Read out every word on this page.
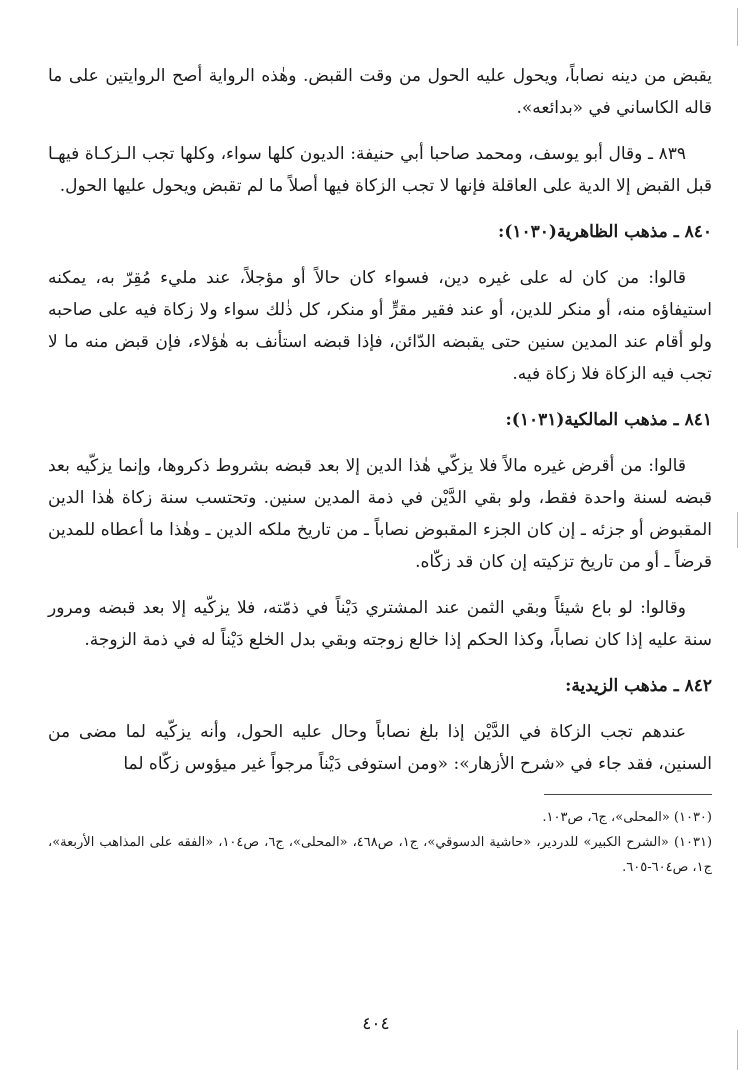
يقبض من دينه نصاباً، ويحول عليه الحول من وقت القبض. وهٰذه الرواية أصح الروايتين على ما قاله الكاساني في «بدائعه».

٨٣٩ ـ وقال أبو يوسف، ومحمد صاحبا أبي حنيفة: الديون كلها سواء، وكلها تجب الـزكـاة فيهـا قبل القبض إلا الدية على العاقلة فإنها لا تجب الزكاة فيها أصلاً ما لم تقبض ويحول عليها الحول.

٨٤٠ ـ مذهب الظاهرية(١٠٣٠):

قالوا: من كان له على غيره دين، فسواء كان حالاً أو مؤجلاً، عند مليء مُقِرّ به، يمكنه استيفاؤه منه، أو منكر للدين، أو عند فقير مقرٍّ أو منكر، كل ذٰلك سواء ولا زكاة فيه على صاحبه ولو أقام عند المدين سنين حتى يقبضه الدّائن، فإذا قبضه استأنف به هٰؤلاء، فإن قبض منه ما لا تجب فيه الزكاة فلا زكاة فيه.

٨٤١ ـ مذهب المالكية(١٠٣١):

قالوا: من أقرض غيره مالاً فلا يزكّي هٰذا الدين إلا بعد قبضه بشروط ذكروها، وإنما يزكّيه بعد قبضه لسنة واحدة فقط، ولو بقي الدَّيْن في ذمة المدين سنين. وتحتسب سنة زكاة هٰذا الدين المقبوض أو جزئه ـ إن كان الجزء المقبوض نصاباً ـ من تاريخ ملكه الدين ـ وهٰذا ما أعطاه للمدين قرضاً ـ أو من تاريخ تزكيته إن كان قد زكّاه.

وقالوا: لو باع شيئاً وبقي الثمن عند المشتري دَيْناً في ذمّته، فلا يزكّيه إلا بعد قبضه ومرور سنة عليه إذا كان نصاباً، وكذا الحكم إذا خالع زوجته وبقي بدل الخلع دَيْناً له في ذمة الزوجة.

٨٤٢ ـ مذهب الزيدية:

عندهم تجب الزكاة في الدَّيْن إذا بلغ نصاباً وحال عليه الحول، وأنه يزكّيه لما مضى من السنين، فقد جاء في «شرح الأزهار»: «ومن استوفى دَيْناً مرجواً غير ميؤوس زكّاه لما

(١٠٣٠) «المحلى»، ج٦، ص١٠٣.

(١٠٣١) «الشرح الكبير» للدردير، «حاشية الدسوقي»، ج١، ص٤٦٨، «المحلى»، ج٦، ص١٠٤، «الفقه على المذاهب الأربعة»، ج١، ص٦٠٤-٦٠٥.

٤٠٤
